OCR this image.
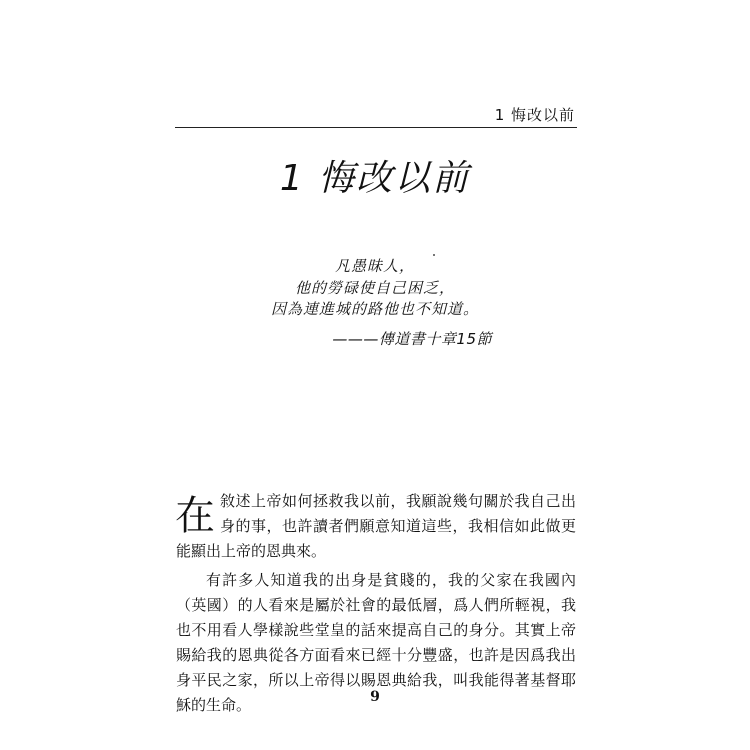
1 悔改以前
1 悔改以前
凡愚昧人，
他的勞碌使自己困乏，
因為連進城的路他也不知道。
———傳道書十章15節

在敘述上帝如何拯救我以前，我願說幾句關於我自己出身的事，也許讀者們願意知道這些，我相信如此做更能顯出上帝的恩典來。

有許多人知道我的出身是貧賤的，我的父家在我國內（英國）的人看來是屬於社會的最低層，爲人們所輕視，我也不用看人學樣說些堂皇的話來提高自己的身分。其實上帝賜給我的恩典從各方面看來已經十分豐盛，也許是因爲我出身平民之家，所以上帝得以賜恩典給我，叫我能得著基督耶穌的生命。	9
